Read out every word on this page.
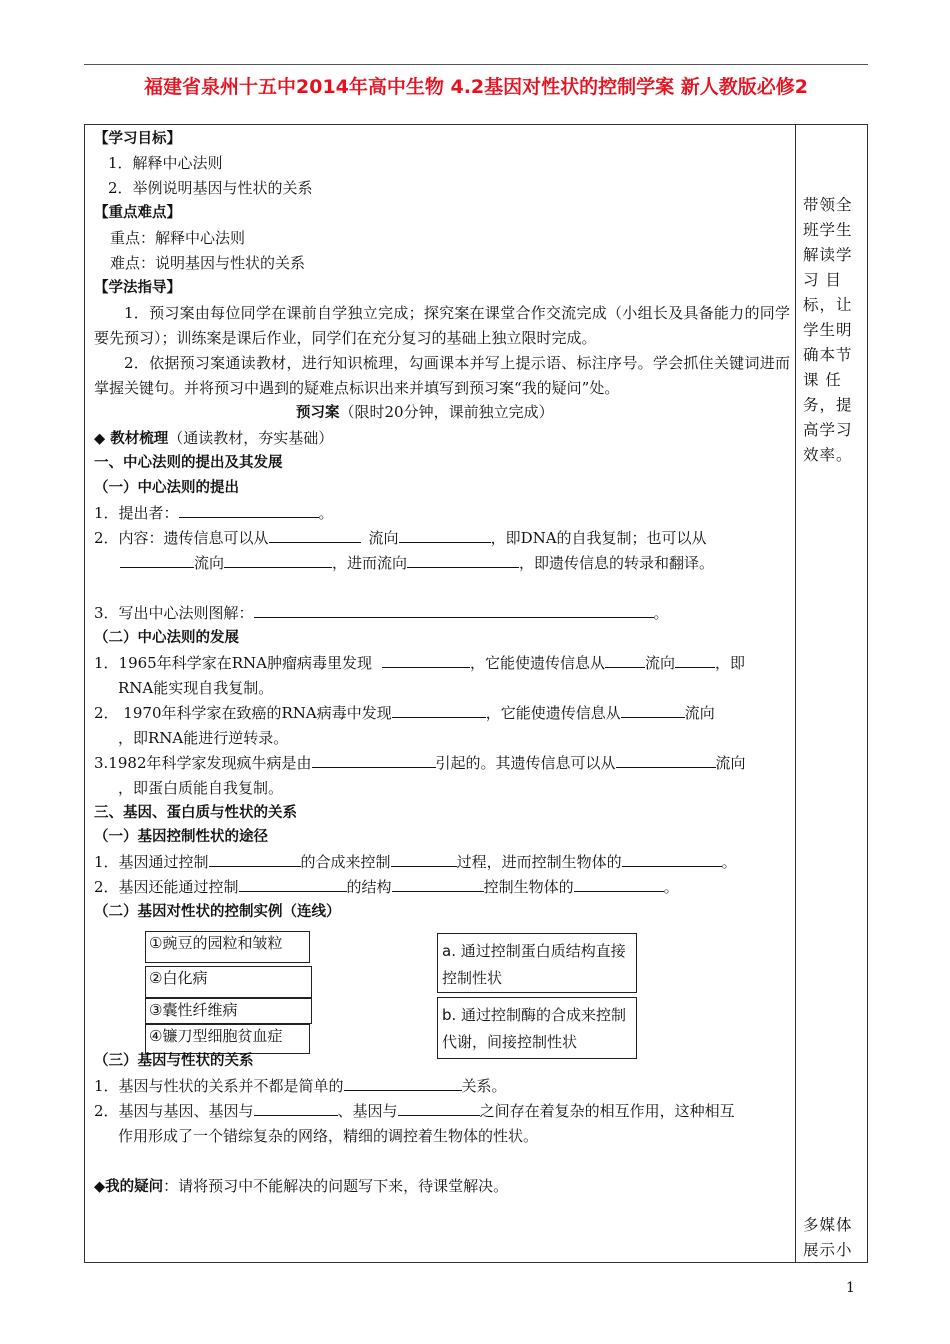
福建省泉州十五中2014年高中生物 4.2基因对性状的控制学案 新人教版必修2
带领全班学生解读学习 目标，让学生明确本节课 任务，提高学习效率。
多媒体展示小
【学习目标】
1．解释中心法则
2．举例说明基因与性状的关系
【重点难点】
重点：解释中心法则
难点：说明基因与性状的关系
【学法指导】
1．预习案由每位同学在课前自学独立完成；探究案在课堂合作交流完成（小组长及具备能力的同学要先预习）；训练案是课后作业，同学们在充分复习的基础上独立限时完成。
2．依据预习案通读教材，进行知识梳理，勾画课本并写上提示语、标注序号。学会抓住关键词进而掌握关键句。并将预习中遇到的疑难点标识出来并填写到预习案“我的疑问”处。
预习案（限时20分钟，课前独立完成）
◆ 教材梳理（通读教材，夯实基础）
一、中心法则的提出及其发展
（一）中心法则的提出
1．提出者：	。
2．内容：遗传信息可以从	流向	，即DNA的自我复制；也可以从
流向	，进而流向	，即遗传信息的转录和翻译。
3．写出中心法则图解：	。
（二）中心法则的发展
1．1965年科学家在RNA肿瘤病毒里发现	，它能使遗传信息从	流向	，即
RNA能实现自我复制。
2． 1970年科学家在致癌的RNA病毒中发现	，它能使遗传信息从	流向
，即RNA能进行逆转录。
3.1982年科学家发现疯牛病是由	引起的。其遗传信息可以从	流向
，即蛋白质能自我复制。
三、基因、蛋白质与性状的关系
（一）基因控制性状的途径
1．基因通过控制	的合成来控制	过程，进而控制生物体的	。
2．基因还能通过控制	的结构	控制生物体的	。
（二）基因对性状的控制实例（连线）
①豌豆的园粒和皱粒
②白化病
③囊性纤维病
④镰刀型细胞贫血症
a. 通过控制蛋白质结构直接控制性状
b. 通过控制酶的合成来控制代谢，间接控制性状
（三）基因与性状的关系
1．基因与性状的关系并不都是简单的	关系。
2．基因与基因、基因与	、基因与	之间存在着复杂的相互作用，这种相互
作用形成了一个错综复杂的网络，精细的调控着生物体的性状。
◆我的疑问：请将预习中不能解决的问题写下来，待课堂解决。
1
